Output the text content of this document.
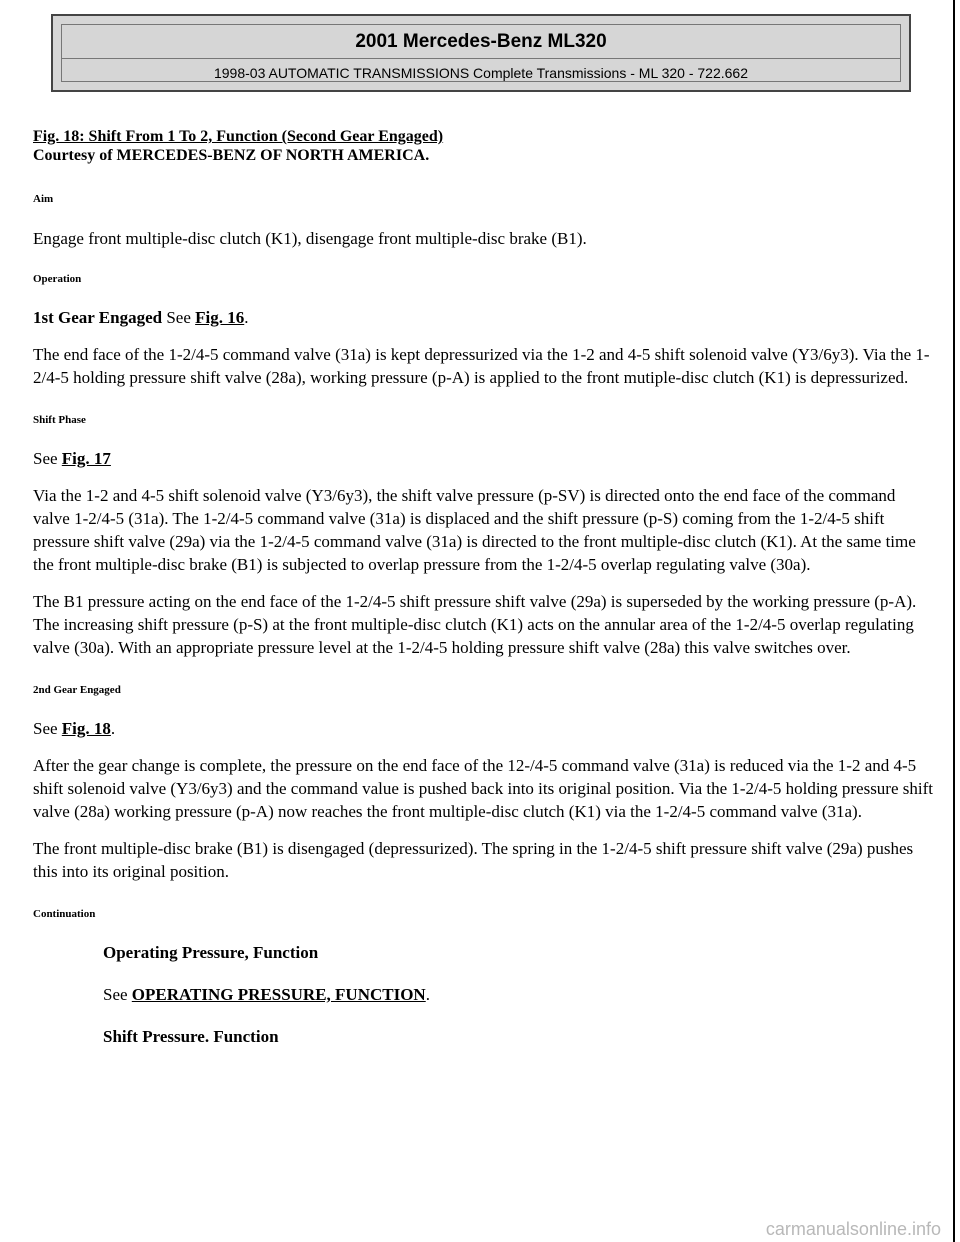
2001 Mercedes-Benz ML320
1998-03 AUTOMATIC TRANSMISSIONS Complete Transmissions - ML 320 - 722.662

Fig. 18: Shift From 1 To 2, Function (Second Gear Engaged)

Courtesy of MERCEDES-BENZ OF NORTH AMERICA.

Aim

Engage front multiple-disc clutch (K1), disengage front multiple-disc brake (B1).

Operation

1st Gear Engaged See Fig. 16.

The end face of the 1-2/4-5 command valve (31a) is kept depressurized via the 1-2 and 4-5 shift solenoid valve (Y3/6y3). Via the 1-2/4-5 holding pressure shift valve (28a), working pressure (p-A) is applied to the front mutiple-disc clutch (K1) is depressurized.

Shift Phase

See Fig. 17

Via the 1-2 and 4-5 shift solenoid valve (Y3/6y3), the shift valve pressure (p-SV) is directed onto the end face of the command valve 1-2/4-5 (31a). The 1-2/4-5 command valve (31a) is displaced and the shift pressure (p-S) coming from the 1-2/4-5 shift pressure shift valve (29a) via the 1-2/4-5 command valve (31a) is directed to the front multiple-disc clutch (K1). At the same time the front multiple-disc brake (B1) is subjected to overlap pressure from the 1-2/4-5 overlap regulating valve (30a).

The B1 pressure acting on the end face of the 1-2/4-5 shift pressure shift valve (29a) is superseded by the working pressure (p-A). The increasing shift pressure (p-S) at the front multiple-disc clutch (K1) acts on the annular area of the 1-2/4-5 overlap regulating valve (30a). With an appropriate pressure level at the 1-2/4-5 holding pressure shift valve (28a) this valve switches over.

2nd Gear Engaged

See Fig. 18.

After the gear change is complete, the pressure on the end face of the 12-/4-5 command valve (31a) is reduced via the 1-2 and 4-5 shift solenoid valve (Y3/6y3) and the command value is pushed back into its original position. Via the 1-2/4-5 holding pressure shift valve (28a) working pressure (p-A) now reaches the front multiple-disc clutch (K1) via the 1-2/4-5 command valve (31a).

The front multiple-disc brake (B1) is disengaged (depressurized). The spring in the 1-2/4-5 shift pressure shift valve (29a) pushes this into its original position.

Continuation

Operating Pressure, Function

See OPERATING PRESSURE, FUNCTION.

Shift Pressure. Function

carmanualsonline.info
